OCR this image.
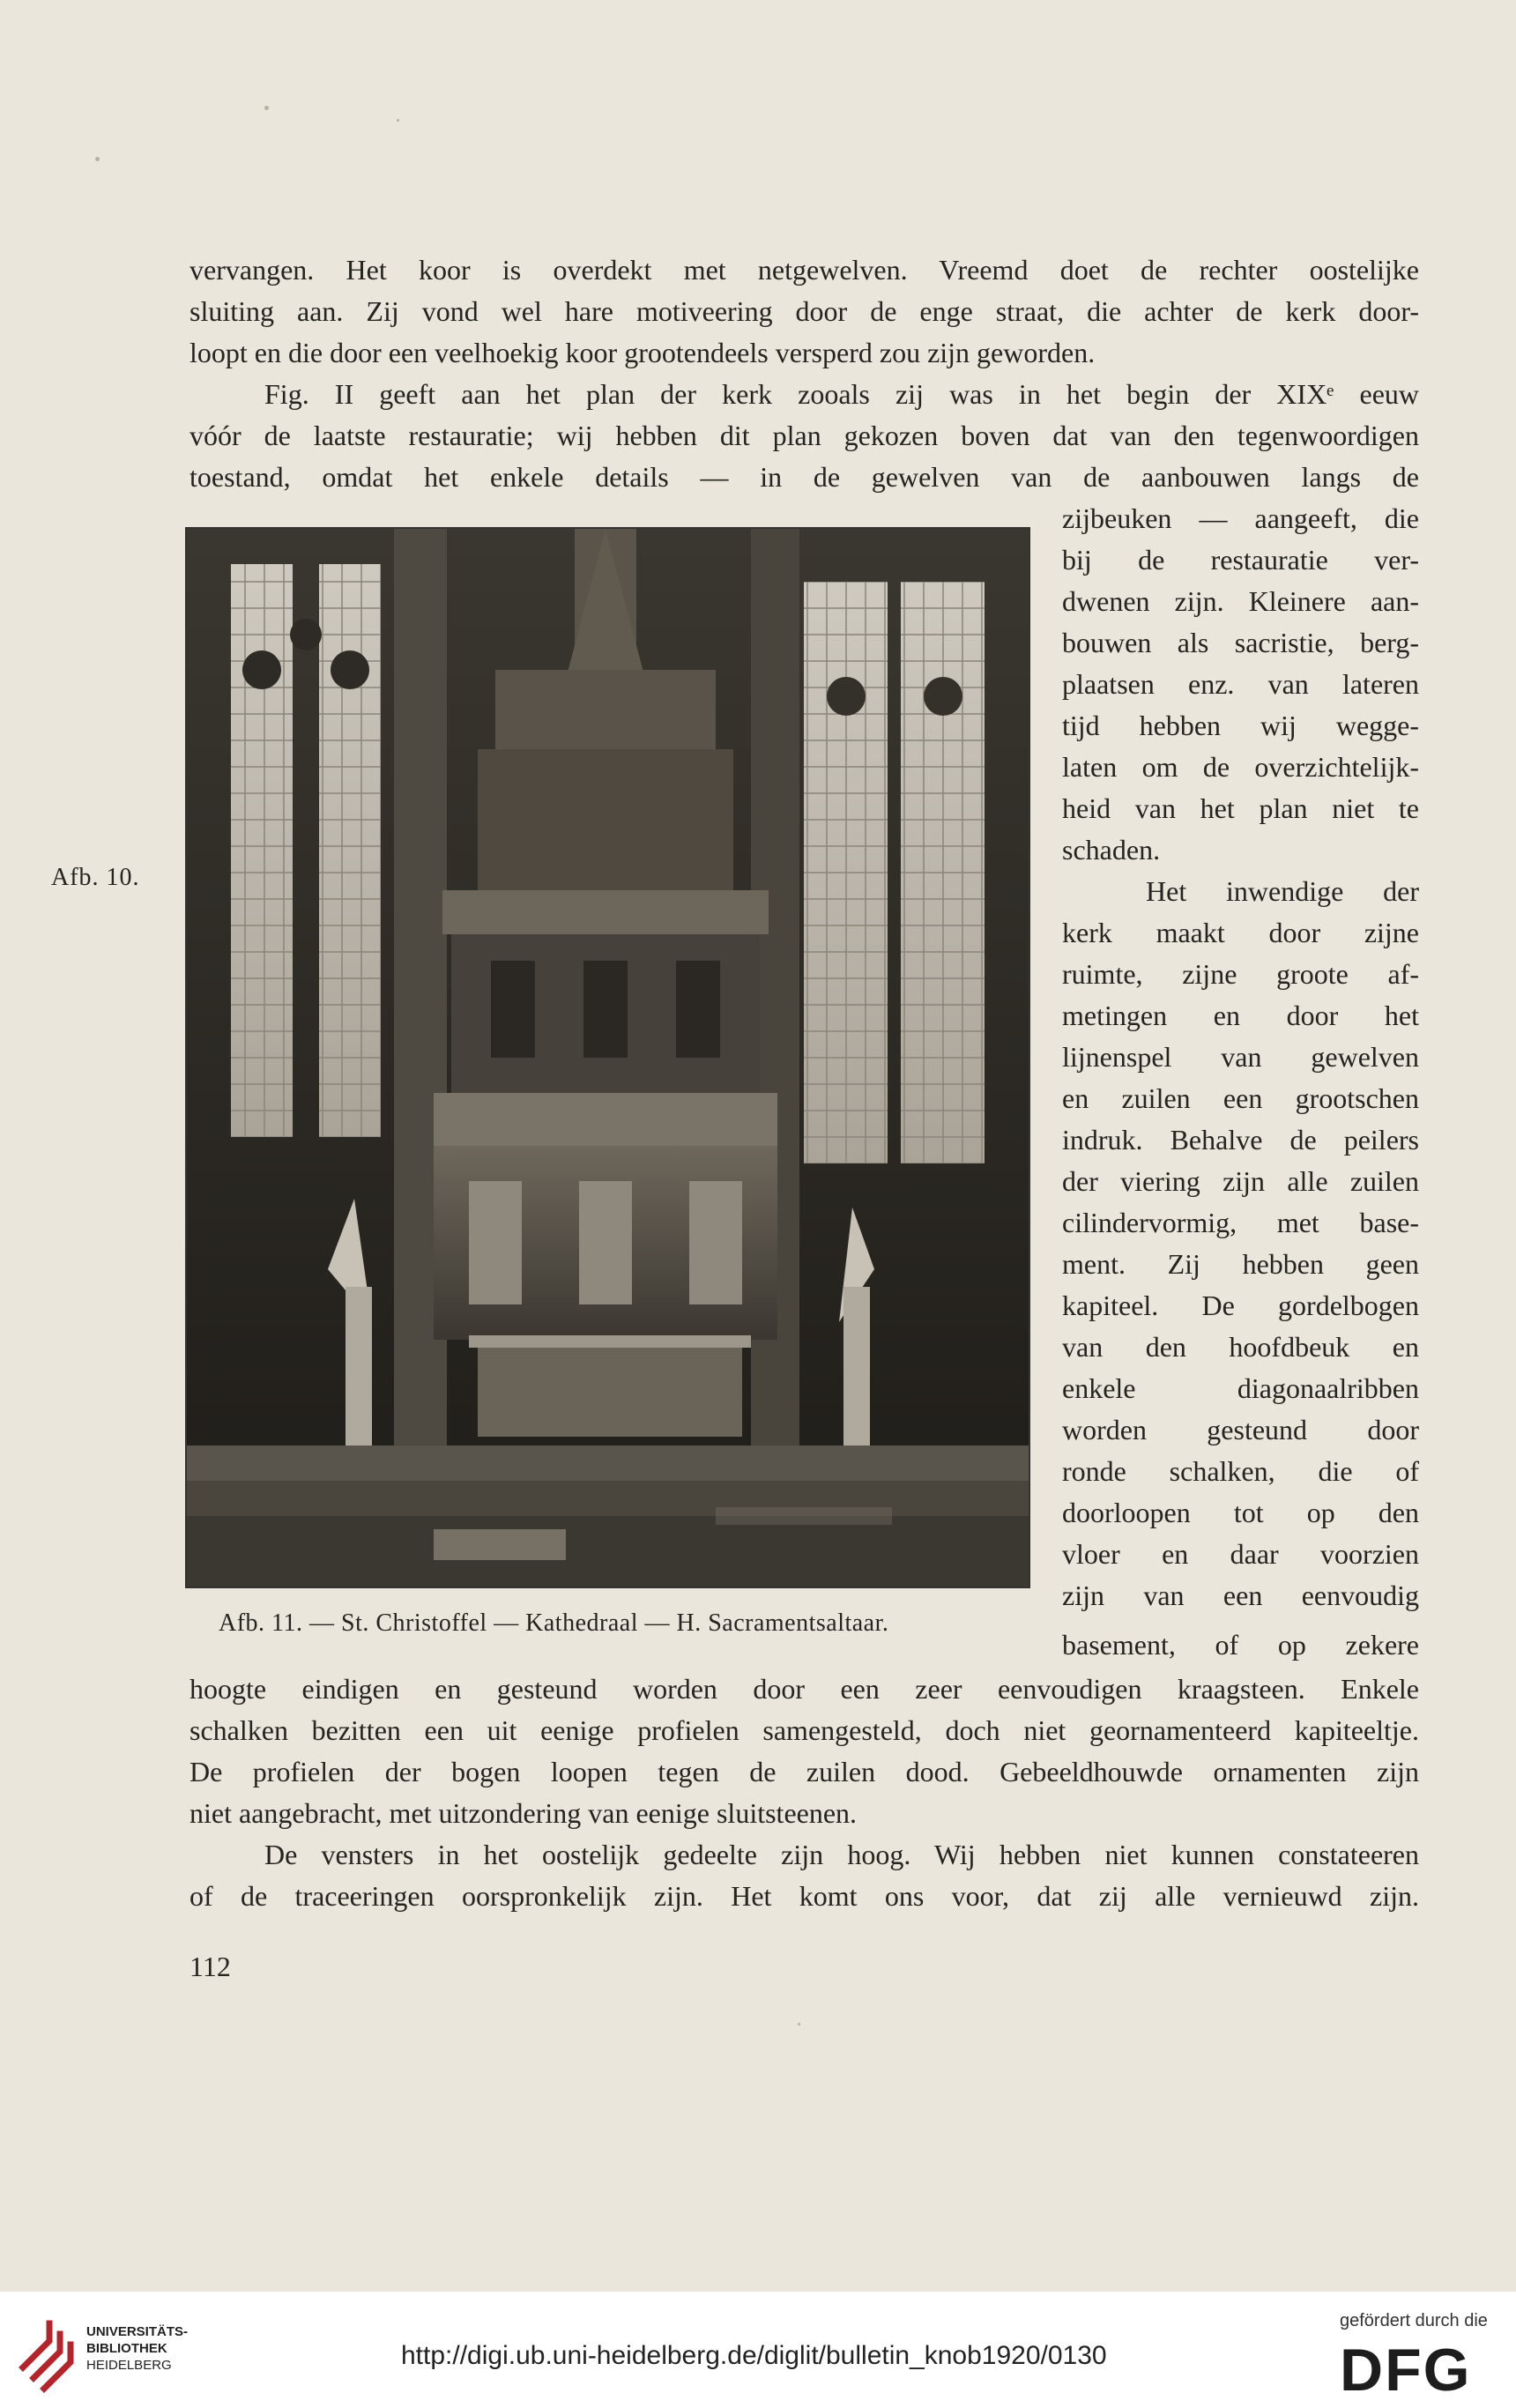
vervangen. Het koor is overdekt met netgewelven. Vreemd doet de rechter oostelijke
sluiting aan. Zij vond wel hare motiveering door de enge straat, die achter de kerk door-
loopt en die door een veelhoekig koor grootendeels versperd zou zijn geworden.
Fig. II geeft aan het plan der kerk zooals zij was in het begin der XIXᵉ eeuw
vóór de laatste restauratie; wij hebben dit plan gekozen boven dat van den tegenwoordigen
toestand, omdat het enkele details — in de gewelven van de aanbouwen langs de
Afb. 10.
zijbeuken — aangeeft, die
bij de restauratie ver-
dwenen zijn. Kleinere aan-
bouwen als sacristie, berg-
plaatsen enz. van lateren
tijd hebben wij wegge-
laten om de overzichtelijk-
heid van het plan niet te
schaden.
Het inwendige der
kerk maakt door zijne
ruimte, zijne groote af-
metingen en door het
lijnenspel van gewelven
en zuilen een grootschen
indruk. Behalve de peilers
der viering zijn alle zuilen
cilindervormig, met base-
ment. Zij hebben geen
kapiteel. De gordelbogen
van den hoofdbeuk en
enkele diagonaalribben
worden gesteund door
ronde schalken, die of
doorloopen tot op den
vloer en daar voorzien
zijn van een eenvoudig
basement, of op zekere
Afb. 11. — St. Christoffel — Kathedraal — H. Sacramentsaltaar.
hoogte eindigen en gesteund worden door een zeer eenvoudigen kraagsteen. Enkele
schalken bezitten een uit eenige profielen samengesteld, doch niet geornamenteerd kapiteeltje.
De profielen der bogen loopen tegen de zuilen dood. Gebeeldhouwde ornamenten zijn
niet aangebracht, met uitzondering van eenige sluitsteenen.
De vensters in het oostelijk gedeelte zijn hoog. Wij hebben niet kunnen constateeren
of de traceeringen oorspronkelijk zijn. Het komt ons voor, dat zij alle vernieuwd zijn.
112
UNIVERSITÄTS-
BIBLIOTHEK
HEIDELBERG	http://digi.ub.uni-heidelberg.de/diglit/bulletin_knob1920/0130
gefördert durch die
DFG
